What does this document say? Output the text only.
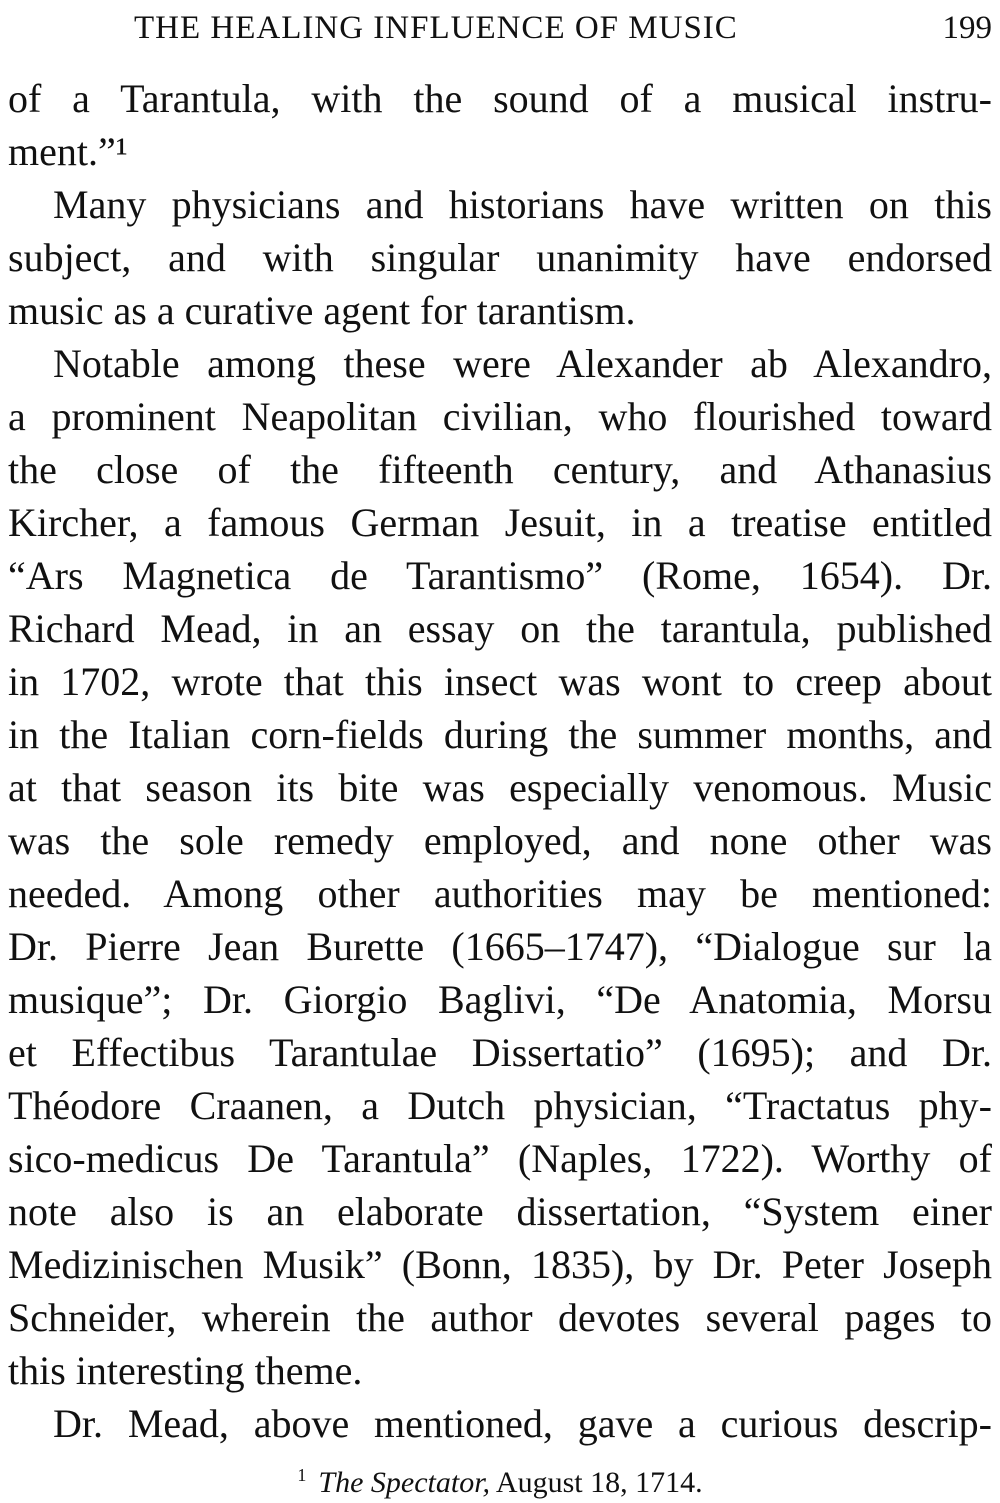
THE HEALING INFLUENCE OF MUSIC	199
of a Tarantula, with the sound of a musical instru-
ment.”¹
Many physicians and historians have written on this
subject, and with singular unanimity have endorsed
music as a curative agent for tarantism.
Notable among these were Alexander ab Alexandro,
a prominent Neapolitan civilian, who flourished toward
the close of the fifteenth century, and Athanasius
Kircher, a famous German Jesuit, in a treatise entitled
“Ars Magnetica de Tarantismo” (Rome, 1654). Dr.
Richard Mead, in an essay on the tarantula, published
in 1702, wrote that this insect was wont to creep about
in the Italian corn-fields during the summer months, and
at that season its bite was especially venomous. Music
was the sole remedy employed, and none other was
needed. Among other authorities may be mentioned:
Dr. Pierre Jean Burette (1665–1747), “Dialogue sur la
musique”; Dr. Giorgio Baglivi, “De Anatomia, Morsu
et Effectibus Tarantulae Dissertatio” (1695); and Dr.
Théodore Craanen, a Dutch physician, “Tractatus phy-
sico-medicus De Tarantula” (Naples, 1722). Worthy of
note also is an elaborate dissertation, “System einer
Medizinischen Musik” (Bonn, 1835), by Dr. Peter Joseph
Schneider, wherein the author devotes several pages to
this interesting theme.
Dr. Mead, above mentioned, gave a curious descrip-
$^1$ The Spectator, August 18, 1714.
